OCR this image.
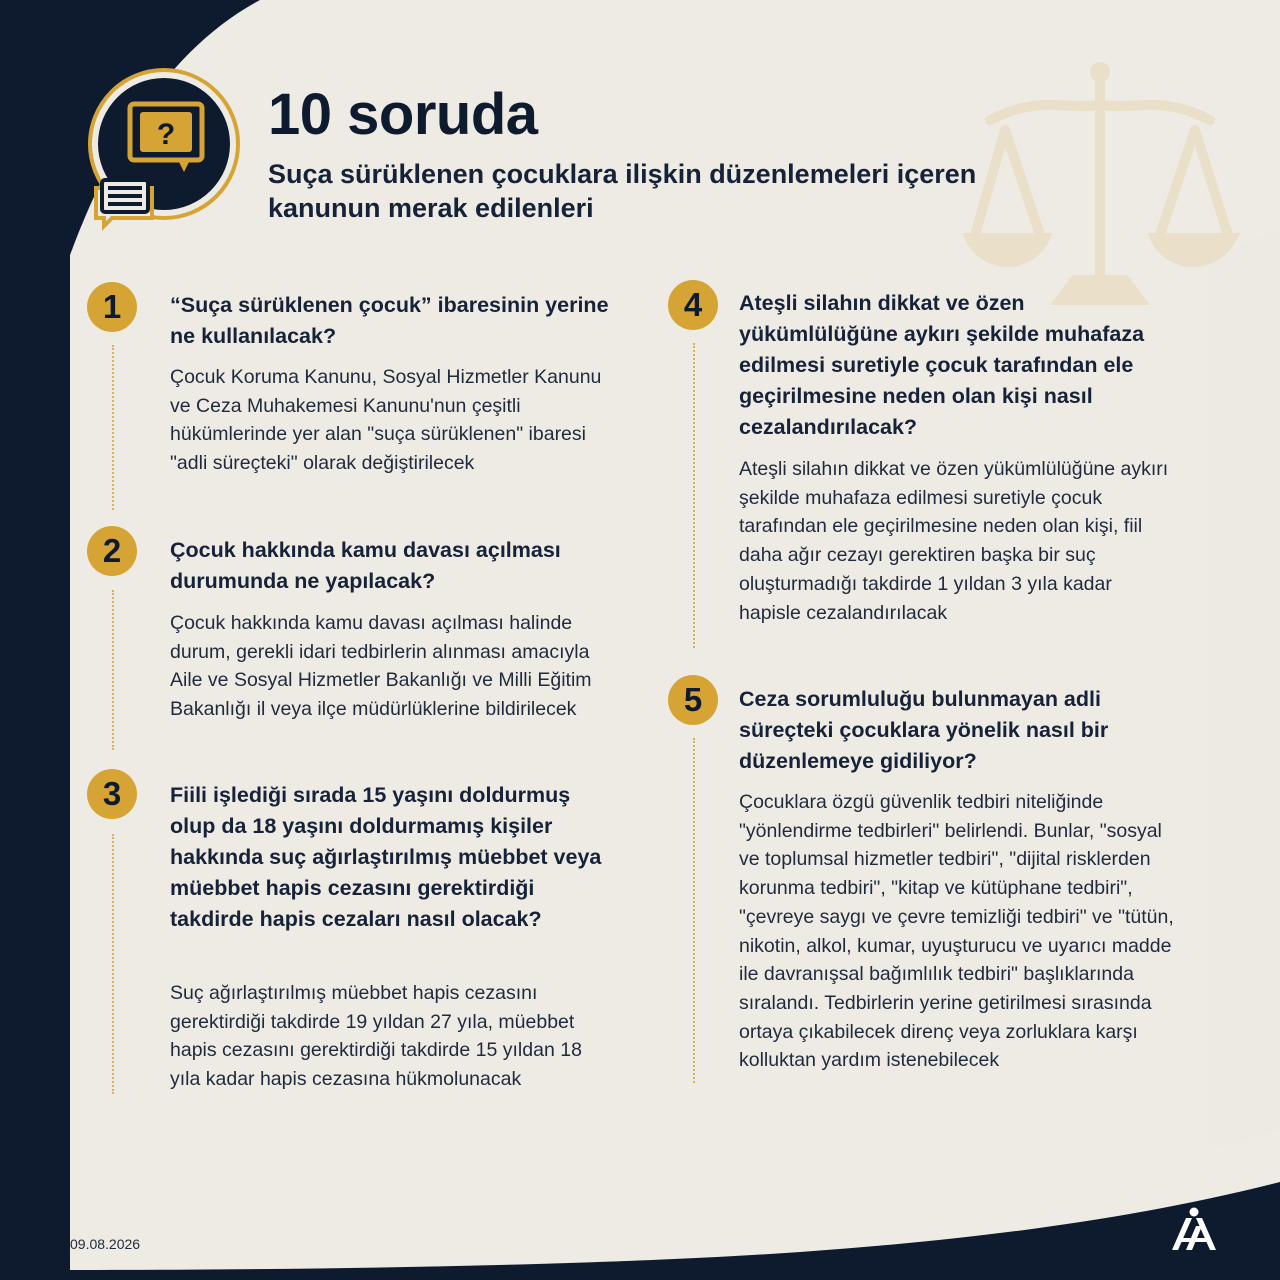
? 10 soruda
Suça sürüklenen çocuklara ilişkin düzenlemeleri içeren kanunun merak edilenleri
1	“Suça sürüklenen çocuk” ibaresinin yerine ne kullanılacak?

Çocuk Koruma Kanunu, Sosyal Hizmetler Kanunu ve Ceza Muhakemesi Kanunu'nun çeşitli hükümlerinde yer alan "suça sürüklenen" ibaresi "adli süreçteki" olarak değiştirilecek

2	Çocuk hakkında kamu davası açılması durumunda ne yapılacak?

Çocuk hakkında kamu davası açılması halinde durum, gerekli idari tedbirlerin alınması amacıyla Aile ve Sosyal Hizmetler Bakanlığı ve Milli Eğitim Bakanlığı il veya ilçe müdürlüklerine bildirilecek

3	Fiili işlediği sırada 15 yaşını doldurmuş olup da 18 yaşını doldurmamış kişiler hakkında suç ağırlaştırılmış müebbet veya müebbet hapis cezasını gerektirdiği takdirde hapis cezaları nasıl olacak?

Suç ağırlaştırılmış müebbet hapis cezasını gerektirdiği takdirde 19 yıldan 27 yıla, müebbet hapis cezasını gerektirdiği takdirde 15 yıldan 18 yıla kadar hapis cezasına hükmolunacak

4	Ateşli silahın dikkat ve özen yükümlülüğüne aykırı şekilde muhafaza edilmesi suretiyle çocuk tarafından ele geçirilmesine neden olan kişi nasıl cezalandırılacak?

Ateşli silahın dikkat ve özen yükümlülüğüne aykırı şekilde muhafaza edilmesi suretiyle çocuk tarafından ele geçirilmesine neden olan kişi, fiil daha ağır cezayı gerektiren başka bir suç oluşturmadığı takdirde 1 yıldan 3 yıla kadar hapisle cezalandırılacak

5	Ceza sorumluluğu bulunmayan adli süreçteki çocuklara yönelik nasıl bir düzenlemeye gidiliyor?

Çocuklara özgü güvenlik tedbiri niteliğinde "yönlendirme tedbirleri" belirlendi. Bunlar, "sosyal ve toplumsal hizmetler tedbiri", "dijital risklerden korunma tedbiri", "kitap ve kütüphane tedbiri", "çevreye saygı ve çevre temizliği tedbiri" ve "tütün, nikotin, alkol, kumar, uyuşturucu ve uyarıcı madde ile davranışsal bağımlılık tedbiri" başlıklarında sıralandı. Tedbirlerin yerine getirilmesi sırasında ortaya çıkabilecek direnç veya zorluklara karşı kolluktan yardım istenebilecek

09.08.2026
